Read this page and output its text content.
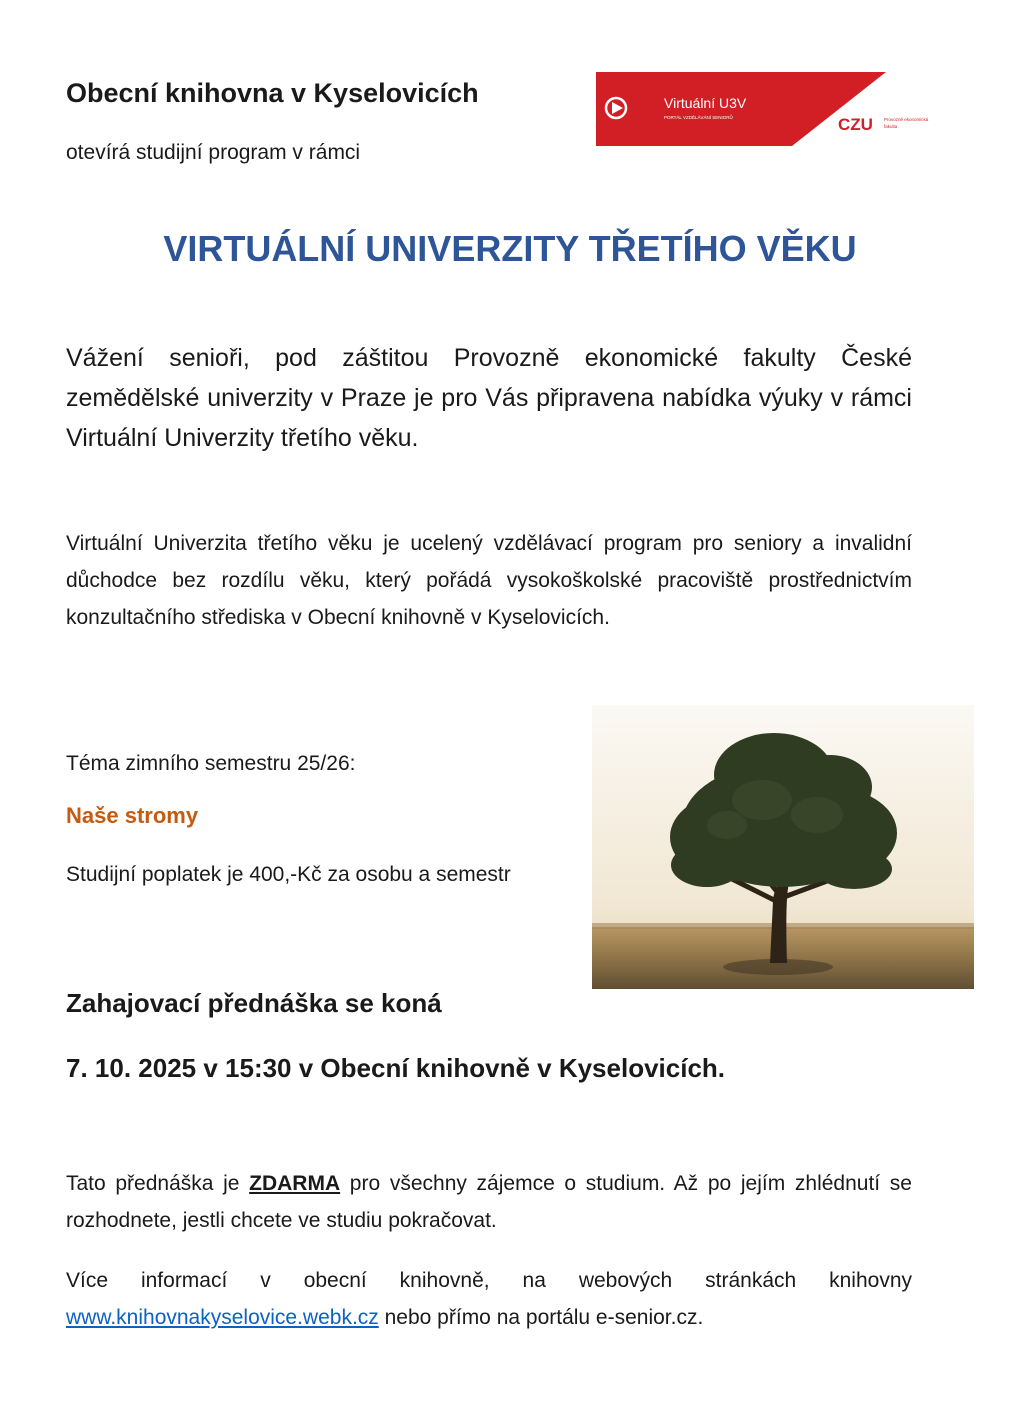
Obecní knihovna v Kyselovicích
otevírá studijní program v rámci
Virtuální U3V
PORTÁL VZDĚLÁVÁNÍ SENIORŮ	CZU Provozně ekonomická
fakulta
VIRTUÁLNÍ UNIVERZITY TŘETÍHO VĚKU
Vážení senioři, pod záštitou Provozně ekonomické fakulty České zemědělské univerzity v Praze je pro Vás připravena nabídka výuky v rámci Virtuální Univerzity třetího věku.
Virtuální Univerzita třetího věku je ucelený vzdělávací program pro seniory a invalidní důchodce bez rozdílu věku, který pořádá vysokoškolské pracoviště prostřednictvím konzultačního střediska v Obecní knihovně v Kyselovicích.
Téma zimního semestru 25/26:
Naše stromy
Studijní poplatek je 400,-Kč za osobu a semestr
Zahajovací přednáška se koná
7. 10. 2025 v 15:30 v Obecní knihovně v Kyselovicích.
Tato přednáška je ZDARMA pro všechny zájemce o studium. Až po jejím zhlédnutí se rozhodnete, jestli chcete ve studiu pokračovat.
Více informací v obecní knihovně, na webových stránkách knihovny www.knihovnakyselovice.webk.cz nebo přímo na portálu e-senior.cz.
